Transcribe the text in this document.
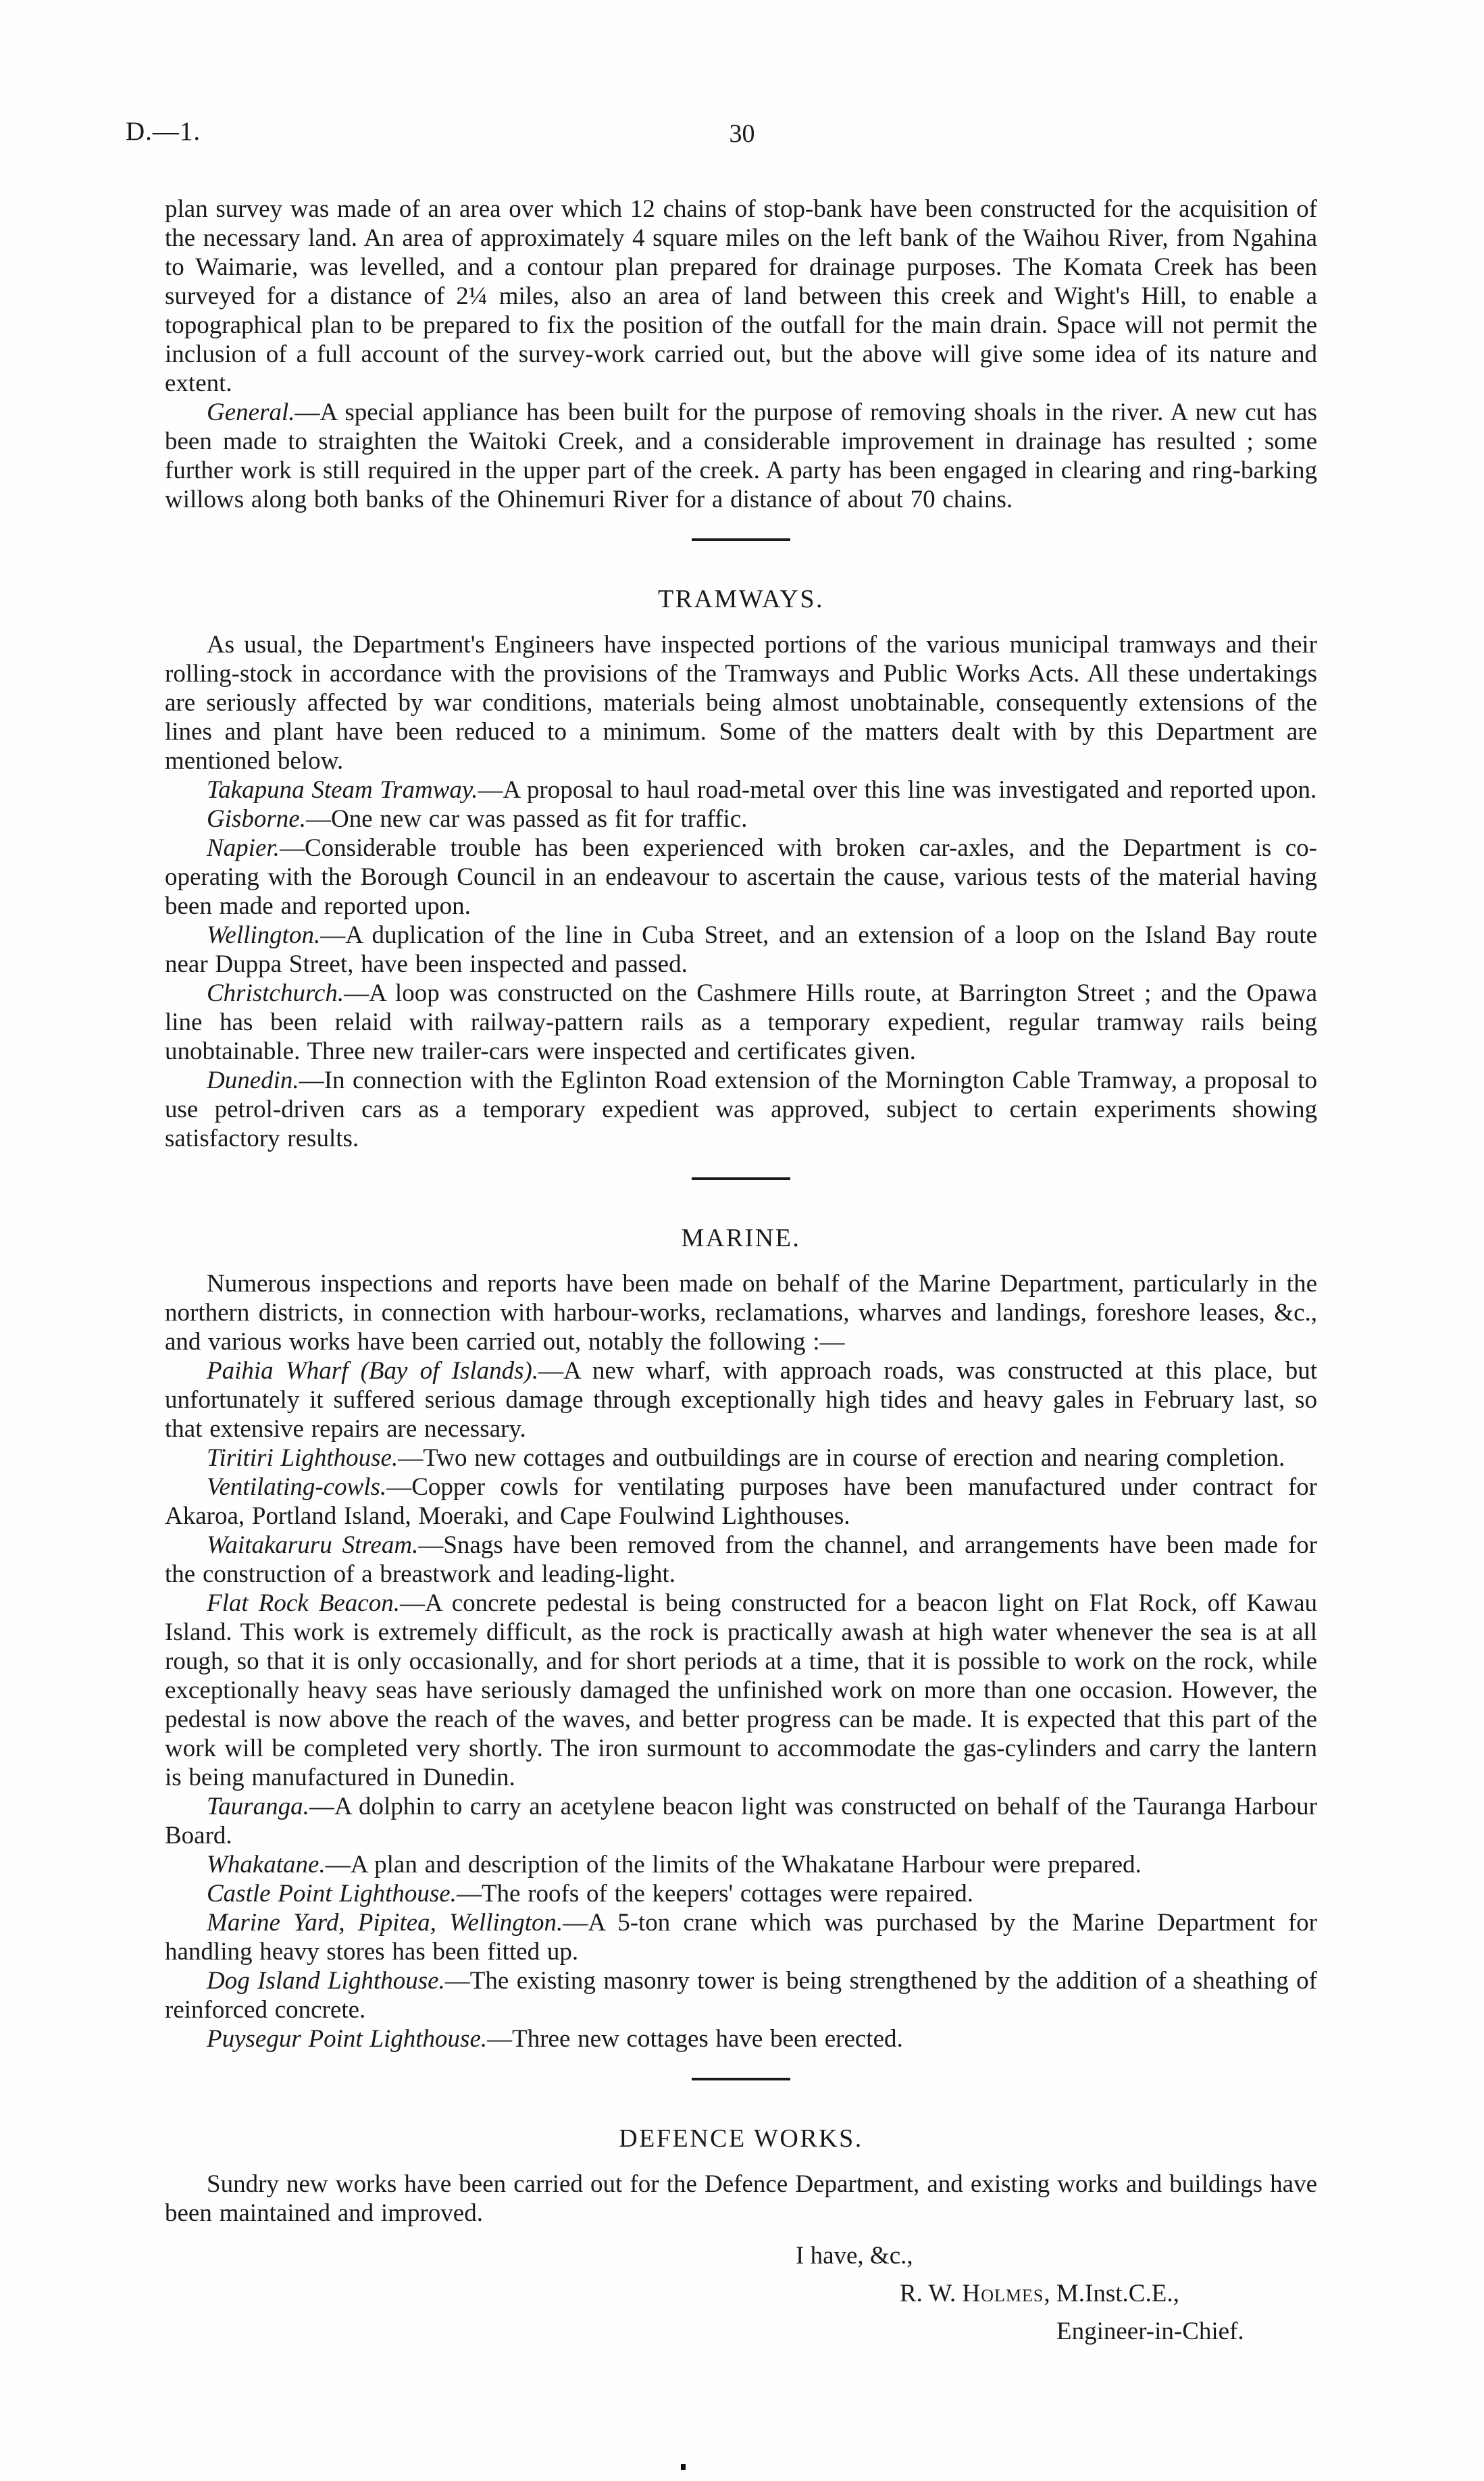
D.—1.	30

plan survey was made of an area over which 12 chains of stop-bank have been constructed for the acquisition of the necessary land. An area of approximately 4 square miles on the left bank of the Waihou River, from Ngahina to Waimarie, was levelled, and a contour plan prepared for drainage purposes. The Komata Creek has been surveyed for a distance of 2¼ miles, also an area of land between this creek and Wight's Hill, to enable a topographical plan to be prepared to fix the position of the outfall for the main drain. Space will not permit the inclusion of a full account of the survey-work carried out, but the above will give some idea of its nature and extent.

General.—A special appliance has been built for the purpose of removing shoals in the river. A new cut has been made to straighten the Waitoki Creek, and a considerable improvement in drainage has resulted ; some further work is still required in the upper part of the creek. A party has been engaged in clearing and ring-barking willows along both banks of the Ohinemuri River for a distance of about 70 chains.

TRAMWAYS.

As usual, the Department's Engineers have inspected portions of the various municipal tramways and their rolling-stock in accordance with the provisions of the Tramways and Public Works Acts. All these undertakings are seriously affected by war conditions, materials being almost unobtainable, consequently extensions of the lines and plant have been reduced to a minimum. Some of the matters dealt with by this Department are mentioned below.

Takapuna Steam Tramway.—A proposal to haul road-metal over this line was investigated and reported upon.

Gisborne.—One new car was passed as fit for traffic.

Napier.—Considerable trouble has been experienced with broken car-axles, and the Department is co-operating with the Borough Council in an endeavour to ascertain the cause, various tests of the material having been made and reported upon.

Wellington.—A duplication of the line in Cuba Street, and an extension of a loop on the Island Bay route near Duppa Street, have been inspected and passed.

Christchurch.—A loop was constructed on the Cashmere Hills route, at Barrington Street ; and the Opawa line has been relaid with railway-pattern rails as a temporary expedient, regular tramway rails being unobtainable. Three new trailer-cars were inspected and certificates given.

Dunedin.—In connection with the Eglinton Road extension of the Mornington Cable Tramway, a proposal to use petrol-driven cars as a temporary expedient was approved, subject to certain experiments showing satisfactory results.

MARINE.

Numerous inspections and reports have been made on behalf of the Marine Department, particularly in the northern districts, in connection with harbour-works, reclamations, wharves and landings, foreshore leases, &c., and various works have been carried out, notably the following :—

Paihia Wharf (Bay of Islands).—A new wharf, with approach roads, was constructed at this place, but unfortunately it suffered serious damage through exceptionally high tides and heavy gales in February last, so that extensive repairs are necessary.

Tiritiri Lighthouse.—Two new cottages and outbuildings are in course of erection and nearing completion.

Ventilating-cowls.—Copper cowls for ventilating purposes have been manufactured under contract for Akaroa, Portland Island, Moeraki, and Cape Foulwind Lighthouses.

Waitakaruru Stream.—Snags have been removed from the channel, and arrangements have been made for the construction of a breastwork and leading-light.

Flat Rock Beacon.—A concrete pedestal is being constructed for a beacon light on Flat Rock, off Kawau Island. This work is extremely difficult, as the rock is practically awash at high water whenever the sea is at all rough, so that it is only occasionally, and for short periods at a time, that it is possible to work on the rock, while exceptionally heavy seas have seriously damaged the unfinished work on more than one occasion. However, the pedestal is now above the reach of the waves, and better progress can be made. It is expected that this part of the work will be completed very shortly. The iron surmount to accommodate the gas-cylinders and carry the lantern is being manufactured in Dunedin.

Tauranga.—A dolphin to carry an acetylene beacon light was constructed on behalf of the Tauranga Harbour Board.

Whakatane.—A plan and description of the limits of the Whakatane Harbour were prepared.

Castle Point Lighthouse.—The roofs of the keepers' cottages were repaired.

Marine Yard, Pipitea, Wellington.—A 5-ton crane which was purchased by the Marine Department for handling heavy stores has been fitted up.

Dog Island Lighthouse.—The existing masonry tower is being strengthened by the addition of a sheathing of reinforced concrete.

Puysegur Point Lighthouse.—Three new cottages have been erected.

DEFENCE WORKS.

Sundry new works have been carried out for the Defence Department, and existing works and buildings have been maintained and improved.

I have, &c.,

R. W. Holmes, M.Inst.C.E.,

Engineer-in-Chief.
